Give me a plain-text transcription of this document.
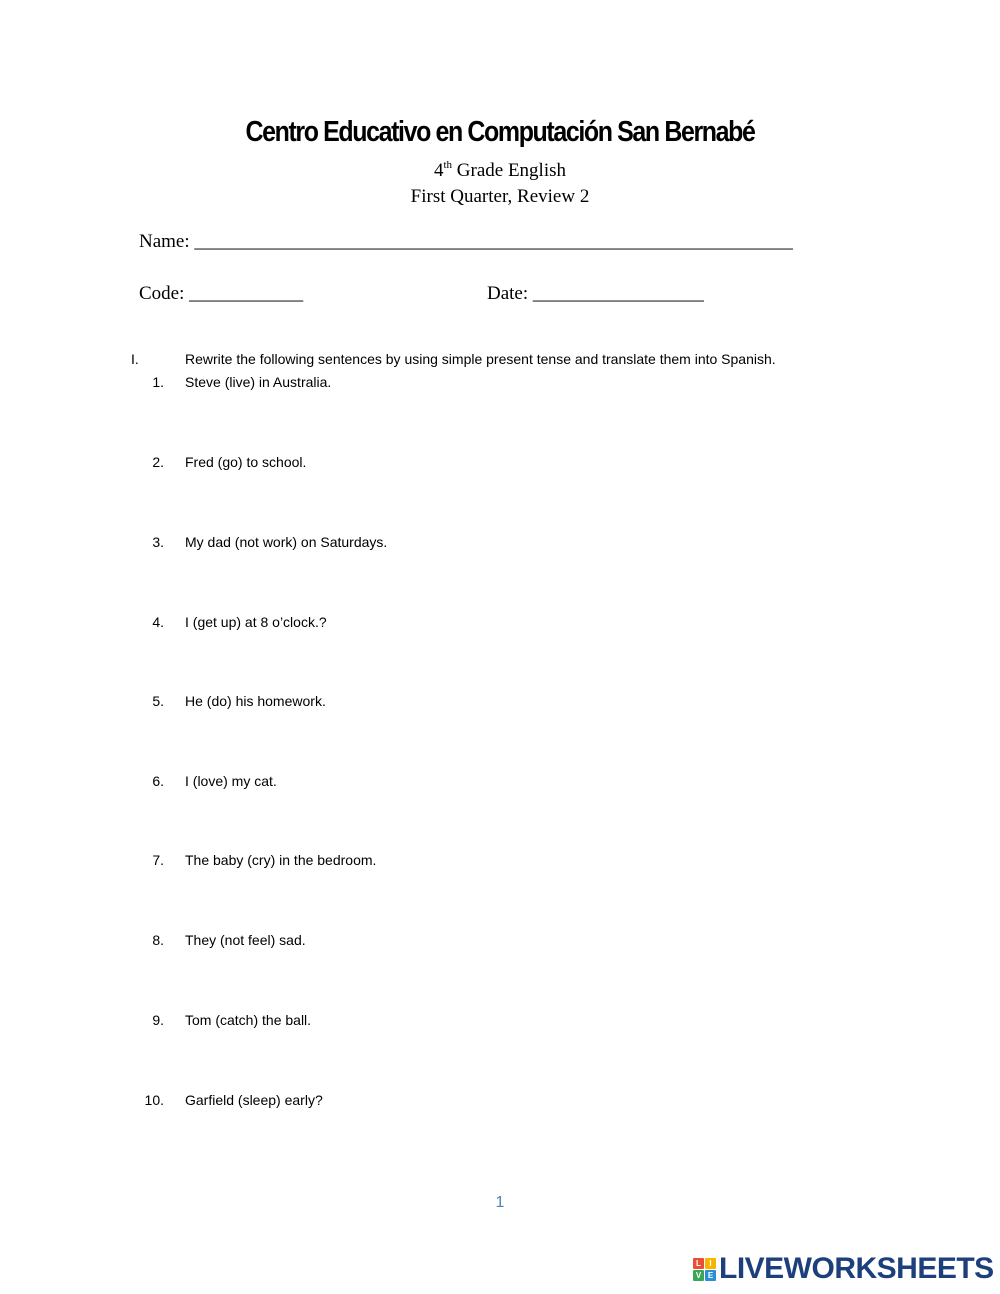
Centro Educativo en Computación San Bernabé
4th Grade English
First Quarter, Review 2
Name: _______________________________________________________________
Code: ____________	Date: __________________
I.	Rewrite the following sentences by using simple present tense and translate them into Spanish.
1. Steve (live) in Australia.
2. Fred (go) to school.
3. My dad (not work) on Saturdays.
4. I (get up) at 8 o’clock.?
5. He (do) his homework.
6. I (love) my cat.
7. The baby (cry) in the bedroom.
8. They (not feel) sad.
9. Tom (catch) the ball.
10. Garfield (sleep) early?
1
L	I
V E LIVEWORKSHEETS
